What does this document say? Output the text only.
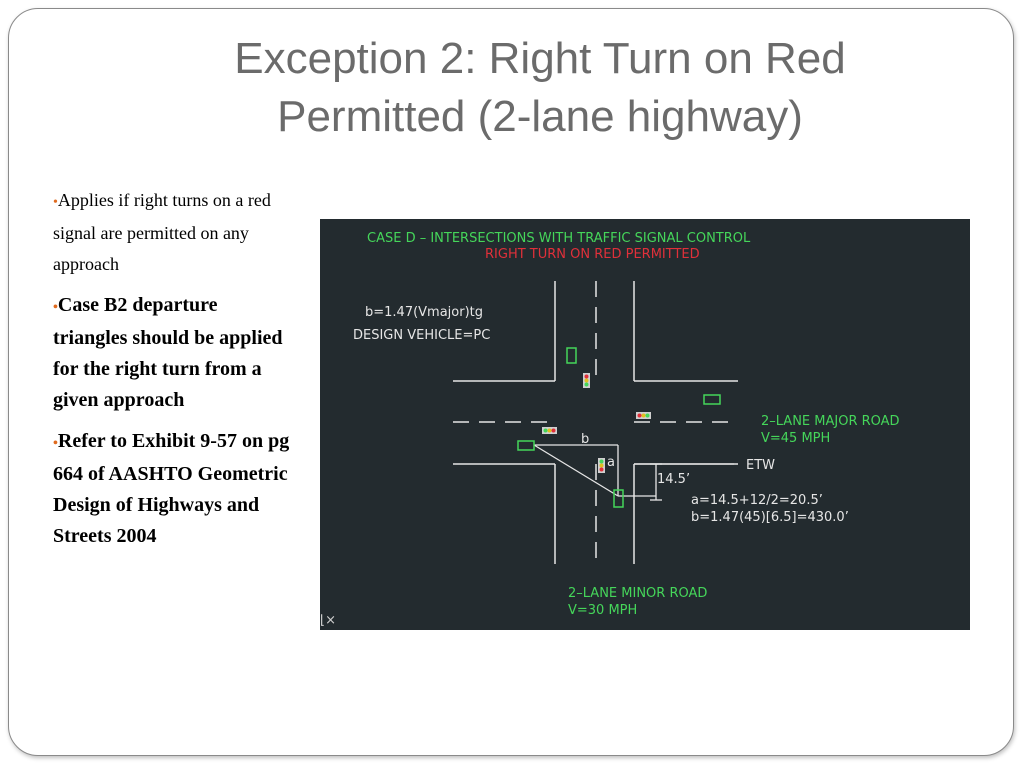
Exception 2: Right Turn on Red
Permitted (2-lane highway)
•Applies if right turns on a red signal are permitted on any approach
•Case B2 departure triangles should be applied for the right turn from a given approach
•Refer to Exhibit 9-57 on pg 664 of AASHTO Geometric Design of Highways and Streets 2004
CASE D – INTERSECTIONS WITH TRAFFIC SIGNAL CONTROL
RIGHT TURN ON RED PERMITTED
b=1.47(Vmajor)tg
DESIGN VEHICLE=PC
2–LANE MAJOR ROAD
V=45 MPH
b
a	ETW
14.5’
a=14.5+12/2=20.5’
b=1.47(45)[6.5]=430.0’
2–LANE MINOR ROAD
V=30 MPH
⌊×
